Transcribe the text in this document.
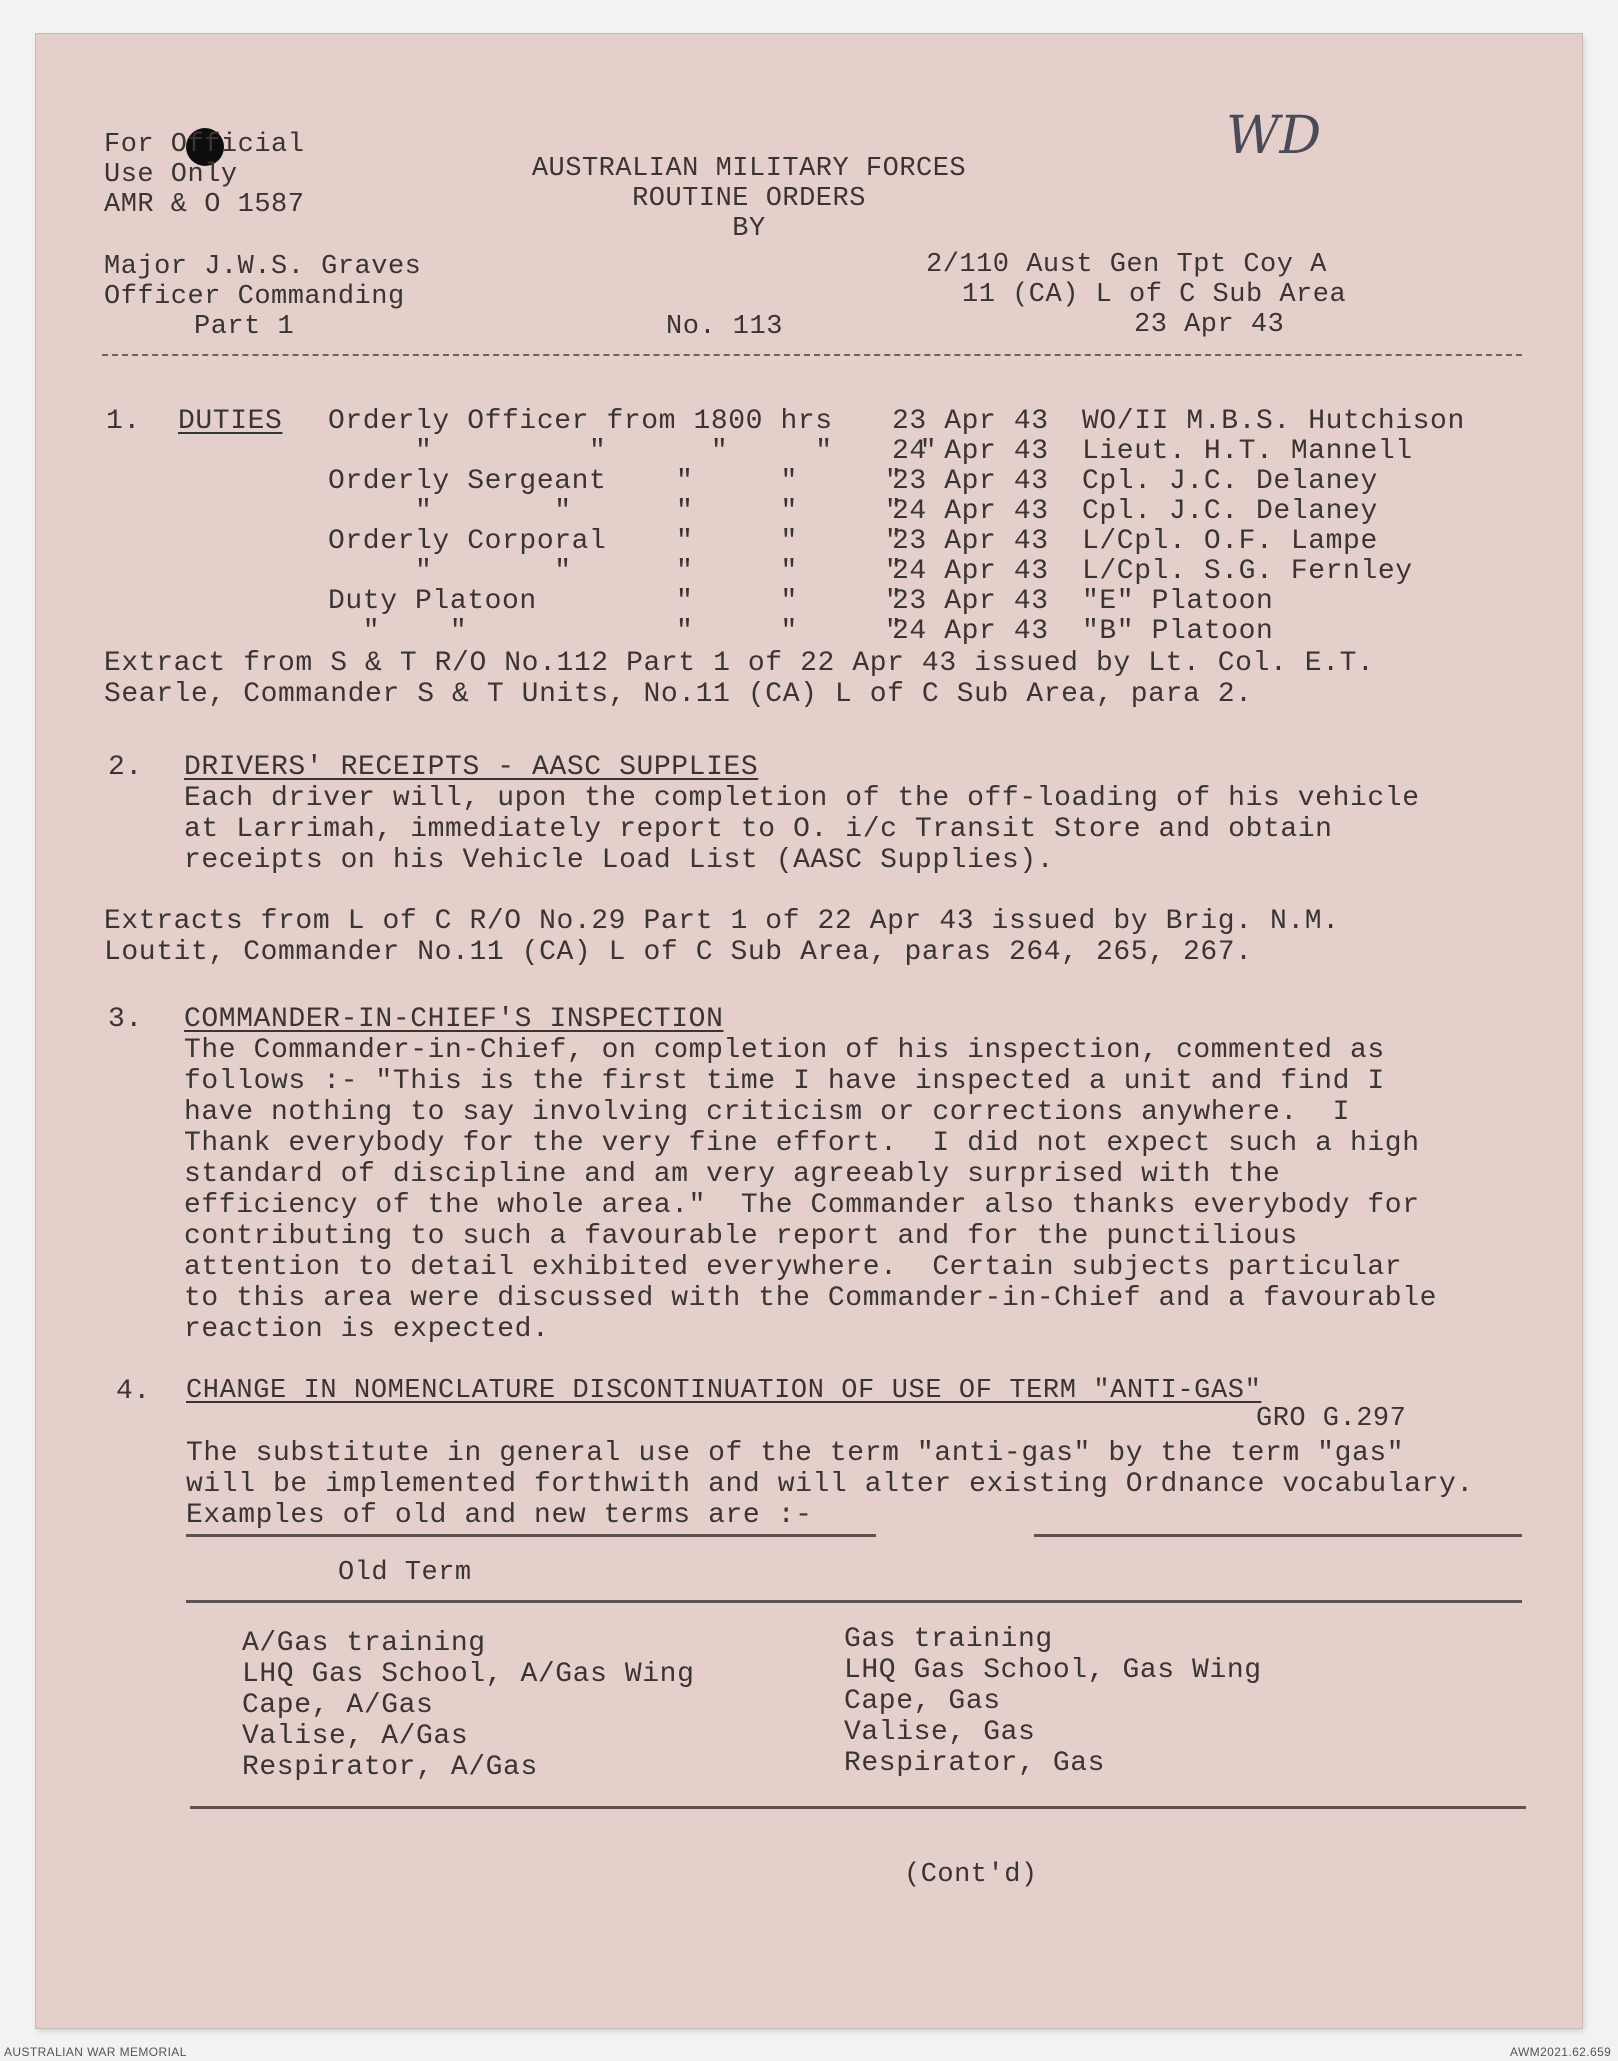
For Official
Use Only
AMR & O 1587
AUSTRALIAN MILITARY FORCES
ROUTINE ORDERS
BY
WD
Major J.W.S. Graves
Officer Commanding
Part 1	No. 113
2/110 Aust Gen Tpt Coy A
11 (CA) L of C Sub Area
23 Apr 43
1. DUTIES Orderly Officer from 1800 hrs 23 Apr 43 WO/II M.B.S. Hutchison
"         "      "     "     "
24 Apr 43 Lieut. H.T. Mannell
Orderly Sergeant    "     "     "
23 Apr 43 Cpl. J.C. Delaney
"       "      "     "     "
24 Apr 43 Cpl. J.C. Delaney
Orderly Corporal    "     "     "
23 Apr 43 L/Cpl. O.F. Lampe
"       "      "     "     "
24 Apr 43 L/Cpl. S.G. Fernley
Duty Platoon        "     "     "
23 Apr 43 "E" Platoon
"    "            "     "     "
24 Apr 43 "B" Platoon
Extract from S & T R/O No.112 Part 1 of 22 Apr 43 issued by Lt. Col. E.T.
Searle, Commander S & T Units, No.11 (CA) L of C Sub Area, para 2.
2. DRIVERS' RECEIPTS - AASC SUPPLIES
Each driver will, upon the completion of the off-loading of his vehicle
at Larrimah, immediately report to O. i/c Transit Store and obtain
receipts on his Vehicle Load List (AASC Supplies).
Extracts from L of C R/O No.29 Part 1 of 22 Apr 43 issued by Brig. N.M.
Loutit, Commander No.11 (CA) L of C Sub Area, paras 264, 265, 267.
3. COMMANDER-IN-CHIEF'S INSPECTION
The Commander-in-Chief, on completion of his inspection, commented as
follows :- "This is the first time I have inspected a unit and find I
have nothing to say involving criticism or corrections anywhere.  I
Thank everybody for the very fine effort.  I did not expect such a high
standard of discipline and am very agreeably surprised with the
efficiency of the whole area."  The Commander also thanks everybody for
contributing to such a favourable report and for the punctilious
attention to detail exhibited everywhere.  Certain subjects particular
to this area were discussed with the Commander-in-Chief and a favourable
reaction is expected.
4. CHANGE IN NOMENCLATURE DISCONTINUATION OF USE OF TERM "ANTI-GAS"
GRO G.297
The substitute in general use of the term "anti-gas" by the term "gas"
will be implemented forthwith and will alter existing Ordnance vocabulary.
Examples of old and new terms are :-
Old Term
A/Gas training
LHQ Gas School, A/Gas Wing
Cape, A/Gas
Valise, A/Gas
Respirator, A/Gas
Gas training
LHQ Gas School, Gas Wing
Cape, Gas
Valise, Gas
Respirator, Gas
(Cont'd)
AUSTRALIAN WAR MEMORIAL	AWM2021.62.659
